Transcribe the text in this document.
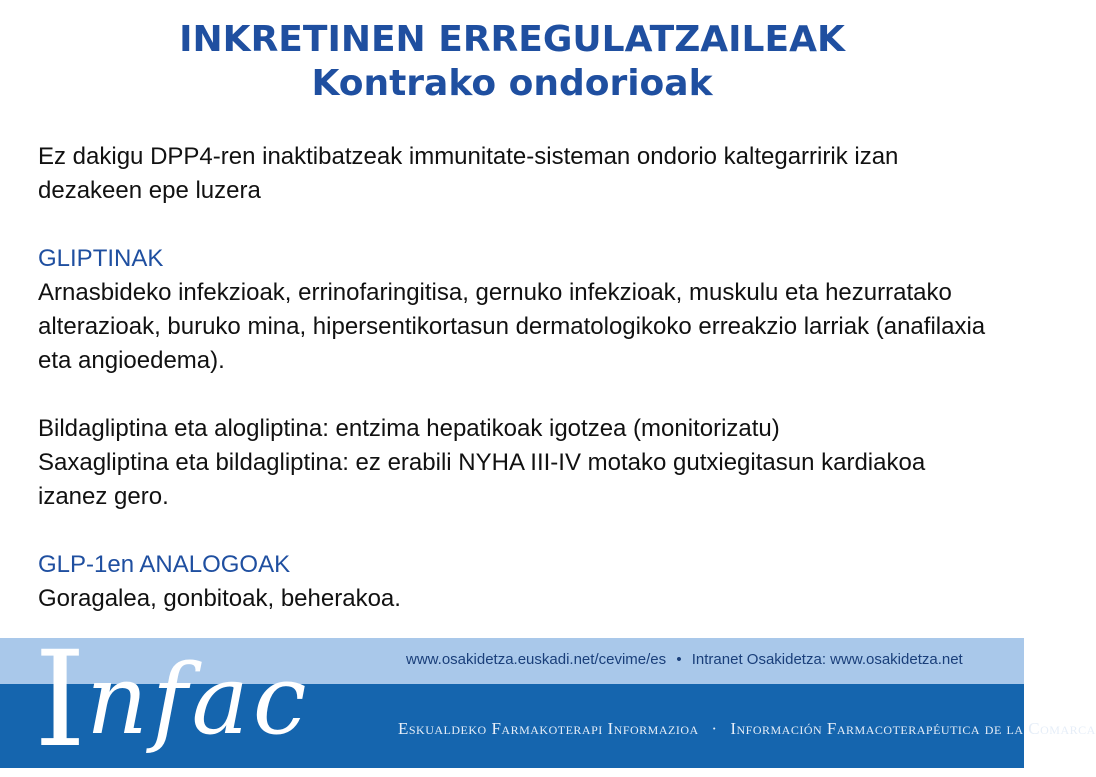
INKRETINEN ERREGULATZAILEAK
Kontrako ondorioak

Ez dakigu DPP4-ren inaktibatzeak immunitate-sisteman ondorio kaltegarririk izan dezakeen epe luzera

GLIPTINAK

Arnasbideko infekzioak, errinofaringitisa, gernuko infekzioak, muskulu eta hezurratako alterazioak, buruko mina, hipersentikortasun dermatologikoko erreakzio larriak (anafilaxia eta angioedema).

Bildagliptina eta alogliptina: entzima hepatikoak igotzea (monitorizatu)

Saxagliptina eta bildagliptina: ez erabili NYHA III-IV motako gutxiegitasun kardiakoa izanez gero.

GLP-1en ANALOGOAK

Goragalea, gonbitoak, beherakoa.

Infac	www.osakidetza.euskadi.net/cevime/es • Intranet Osakidetza: www.osakidetza.net
Eskualdeko Farmakoterapi Informazioa · Información Farmacoterapéutica de la Comarca
